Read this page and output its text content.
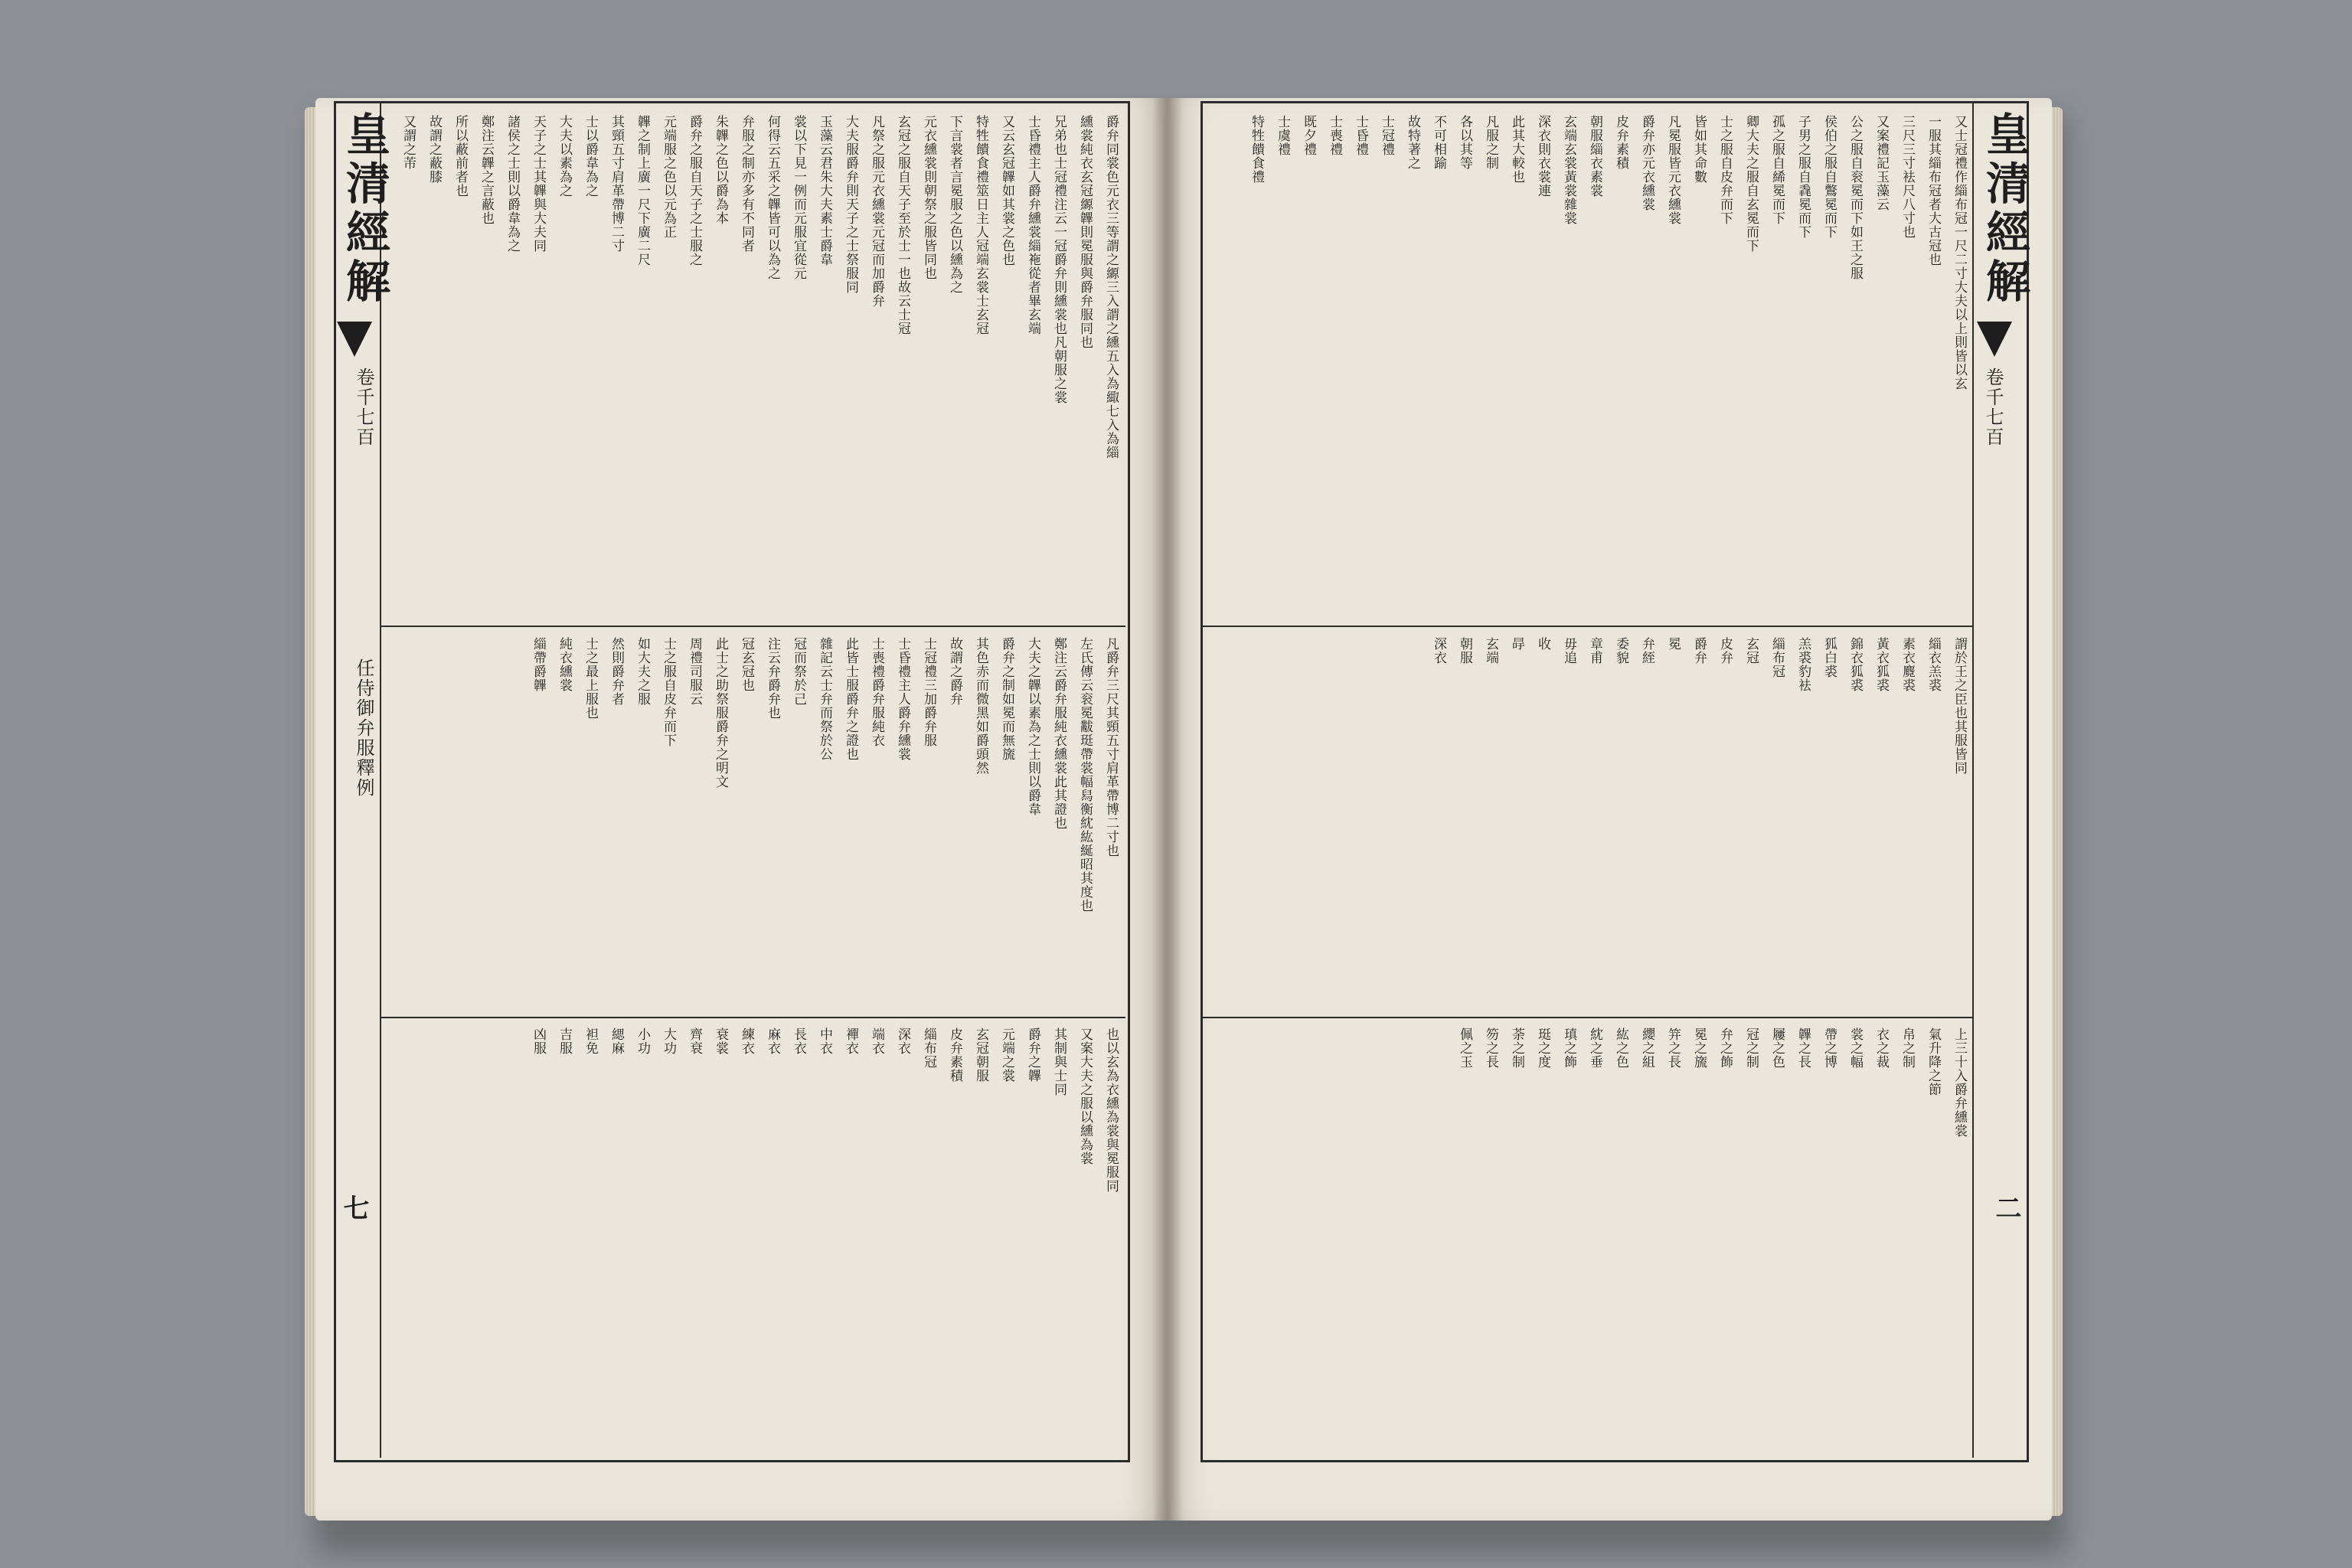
皇清經解	皇清經解
卷千七百	卷千七百
任侍御弁服釋例
七	二
爵弁同裳色元衣三等謂之縓三入謂之纁五入為緅七入為緇
纁裳純衣玄冠縓韠則冕服與爵弁服同也
兄弟也士冠禮注云一冠爵弁則纁裳也凡朝服之裳
士昏禮主人爵弁纁裳緇袘從者畢玄端
又云玄冠韠如其裳之色也
特牲饋食禮筮日主人冠端玄裳士玄冠
下言裳者言冕服之色以纁為之
元衣纁裳則朝祭之服皆同也
玄冠之服自天子至於士一也故云士冠
凡祭之服元衣纁裳元冠而加爵弁
大夫服爵弁則天子之士祭服同
玉藻云君朱大夫素士爵韋
裳以下見一例而元服宜從元
何得云五采之韠皆可以為之
弁服之制亦多有不同者
朱韠之色以爵為本
爵弁之服自天子之士服之
元端服之色以元為正
韠之制上廣一尺下廣二尺
其頸五寸肩革帶博二寸
士以爵韋為之
大夫以素為之
天子之士其韠與大夫同
諸侯之士則以爵韋為之
鄭注云韠之言蔽也
所以蔽前者也
故謂之蔽膝
又謂之芾
凡爵弁三尺其頸五寸肩革帶博二寸也
左氏傳云衮冕黻珽帶裳幅舄衡紞紘綖昭其度也
鄭注云爵弁服純衣纁裳此其證也
大夫之韠以素為之士則以爵韋
爵弁之制如冕而無旒
其色赤而微黑如爵頭然
故謂之爵弁
士冠禮三加爵弁服
士昏禮主人爵弁纁裳
士喪禮爵弁服純衣
此皆士服爵弁之證也
雜記云士弁而祭於公
冠而祭於己
注云弁爵弁也
冠玄冠也
此士之助祭服爵弁之明文
周禮司服云
士之服自皮弁而下
如大夫之服
然則爵弁者
士之最上服也
純衣纁裳
緇帶爵韠
也以玄為衣纁為裳與冕服同
又案大夫之服以纁為裳
其制與士同
爵弁之韠
元端之裳
玄冠朝服
皮弁素積
緇布冠
深衣
端衣
襌衣
中衣
長衣
麻衣
練衣
衰裳
齊衰
大功
小功
緦麻
袒免
吉服
凶服
又士冠禮作緇布冠一尺二寸大夫以上則皆以玄
一服其緇布冠者大古冠也
三尺三寸袪尺八寸也
又案禮記玉藻云
公之服自衮冕而下如王之服
侯伯之服自鷩冕而下
子男之服自毳冕而下
孤之服自絺冕而下
卿大夫之服自玄冕而下
士之服自皮弁而下
皆如其命數
凡冕服皆元衣纁裳
爵弁亦元衣纁裳
皮弁素積
朝服緇衣素裳
玄端玄裳黃裳雜裳
深衣則衣裳連
此其大較也
凡服之制
各以其等
不可相踰
故特著之
士冠禮
士昏禮
士喪禮
既夕禮
士虞禮
特牲饋食禮
謂於王之臣也其服皆同
緇衣羔裘
素衣麑裘
黃衣狐裘
錦衣狐裘
狐白裘
羔裘豹袪
緇布冠
玄冠
皮弁
爵弁
冕
弁絰
委貌
章甫
毋追
收
冔
玄端
朝服
深衣
上三十入爵弁纁裳
氣升降之節
帛之制
衣之裁
裳之幅
帶之博
韠之長
屨之色
冠之制
弁之飾
冕之旒
笄之長
纓之組
紘之色
紞之垂
瑱之飾
珽之度
荼之制
笏之長
佩之玉
